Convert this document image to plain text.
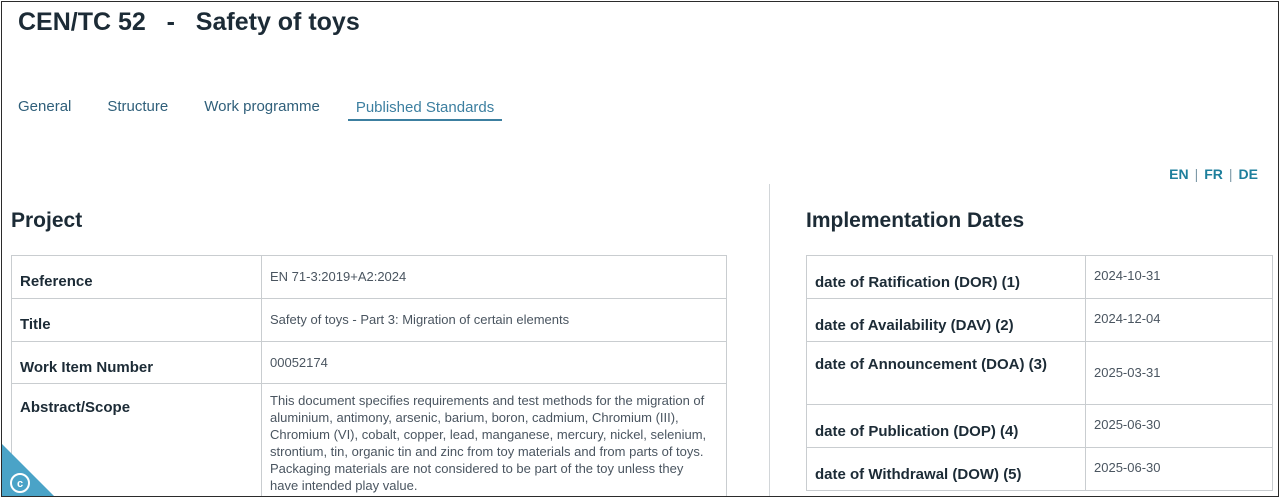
CEN/TC 52   -   Safety of toys
General Structure Work programme	Published Standards
EN | FR | DE
Project
Reference	EN 71-3:2019+A2:2024
Title	Safety of toys - Part 3: Migration of certain elements
Work Item Number	00052174
Abstract/Scope	This document specifies requirements and test methods for the migration of aluminium, antimony, arsenic, barium, boron, cadmium, Chromium (III), Chromium (VI), cobalt, copper, lead, manganese, mercury, nickel, selenium, strontium, tin, organic tin and zinc from toy materials and from parts of toys. Packaging materials are not considered to be part of the toy unless they have intended play value.
Implementation Dates
date of Ratification (DOR) (1)	2024-10-31
date of Availability (DAV) (2)	2024-12-04
date of Announcement (DOA) (3)	2025-03-31
date of Publication (DOP) (4)	2025-06-30
date of Withdrawal (DOW) (5)	2025-06-30
c
